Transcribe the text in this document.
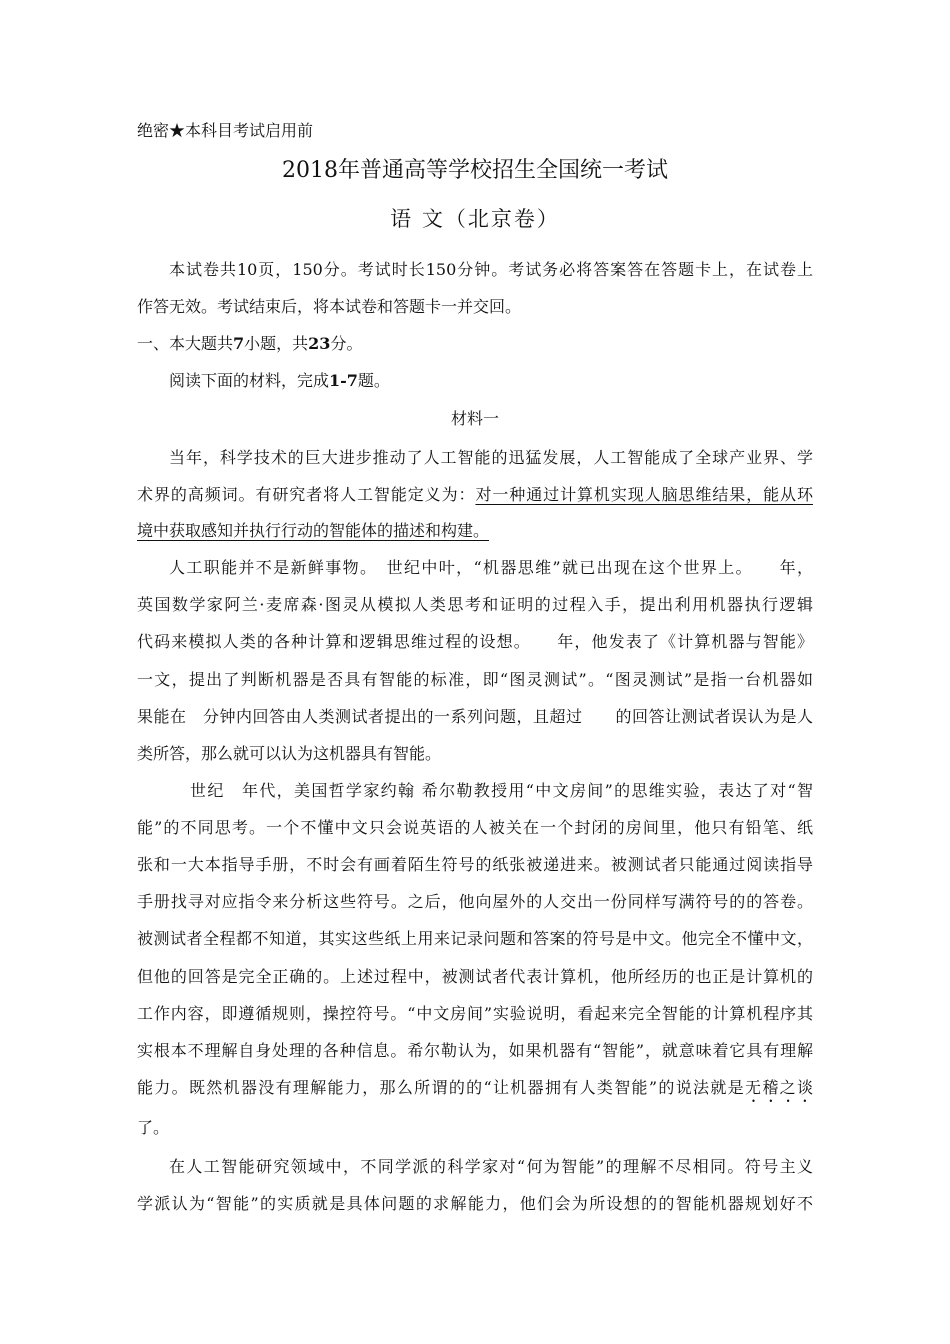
绝密★本科目考试启用前
2018年普通高等学校招生全国统一考试
语 文（北京卷）
本试卷共10页，150分。考试时长150分钟。考试务必将答案答在答题卡上，在试卷上
作答无效。考试结束后，将本试卷和答题卡一并交回。
一、本大题共7小题，共23分。
阅读下面的材料，完成1-7题。
材料一
当年，科学技术的巨大进步推动了人工智能的迅猛发展，人工智能成了全球产业界、学
术界的高频词。有研究者将人工智能定义为：对一种通过计算机实现人脑思维结果，能从环
境中获取感知并执行行动的智能体的描述和构建。
人工职能并不是新鲜事物。　世纪中叶，“机器思维”就已出现在这个世界上。　　年，
英国数学家阿兰·麦席森·图灵从模拟人类思考和证明的过程入手，提出利用机器执行逻辑
代码来模拟人类的各种计算和逻辑思维过程的设想。　　年，他发表了《计算机器与智能》
一文，提出了判断机器是否具有智能的标准，即“图灵测试”。“图灵测试”是指一台机器如
果能在　分钟内回答由人类测试者提出的一系列问题，且超过　　的回答让测试者误认为是人
类所答，那么就可以认为这机器具有智能。
世纪　年代，美国哲学家约翰 希尔勒教授用“中文房间”的思维实验，表达了对“智
能”的不同思考。一个不懂中文只会说英语的人被关在一个封闭的房间里，他只有铅笔、纸
张和一大本指导手册，不时会有画着陌生符号的纸张被递进来。被测试者只能通过阅读指导
手册找寻对应指令来分析这些符号。之后，他向屋外的人交出一份同样写满符号的的答卷。
被测试者全程都不知道，其实这些纸上用来记录问题和答案的符号是中文。他完全不懂中文，
但他的回答是完全正确的。上述过程中，被测试者代表计算机，他所经历的也正是计算机的
工作内容，即遵循规则，操控符号。“中文房间”实验说明，看起来完全智能的计算机程序其
实根本不理解自身处理的各种信息。希尔勒认为，如果机器有“智能”，就意味着它具有理解
能力。既然机器没有理解能力，那么所谓的的“让机器拥有人类智能”的说法就是无稽之谈
了。
在人工智能研究领域中，不同学派的科学家对“何为智能”的理解不尽相同。符号主义
学派认为“智能”的实质就是具体问题的求解能力，他们会为所设想的的智能机器规划好不
